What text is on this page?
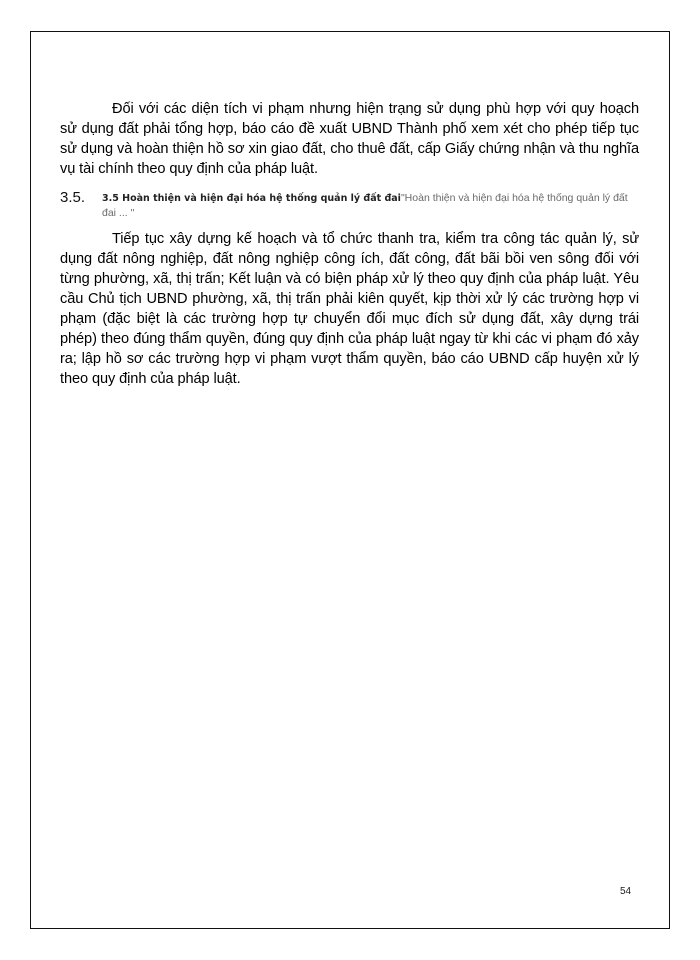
Đối với các diện tích vi phạm nhưng hiện trạng sử dụng phù hợp với quy hoạch sử dụng đất phải tổng hợp, báo cáo đề xuất UBND Thành phố xem xét cho phép tiếp tục sử dụng và hoàn thiện hồ sơ xin giao đất, cho thuê đất, cấp Giấy chứng nhận và thu nghĩa vụ tài chính theo quy định của pháp luật.

3.5.	3.5 Hoàn thiện và hiện đại hóa hệ thống quản lý đất đai"Hoàn thiện và hiện đại hóa hệ thống quản lý đất đai ... "

Tiếp tục xây dựng kế hoạch và tổ chức thanh tra, kiểm tra công tác quản lý, sử dụng đất nông nghiệp, đất nông nghiệp công ích, đất công, đất bãi bồi ven sông đối với từng phường, xã, thị trấn; Kết luận và có biện pháp xử lý theo quy định của pháp luật. Yêu cầu Chủ tịch UBND phường, xã, thị trấn phải kiên quyết, kịp thời xử lý các trường hợp vi phạm (đặc biệt là các trường hợp tự chuyển đổi mục đích sử dụng đất, xây dựng trái phép) theo đúng thẩm quyền, đúng quy định của pháp luật ngay từ khi các vi phạm đó xảy ra; lập hồ sơ các trường hợp vi phạm vượt thẩm quyền, báo cáo UBND cấp huyện xử lý theo quy định của pháp luật.

54
